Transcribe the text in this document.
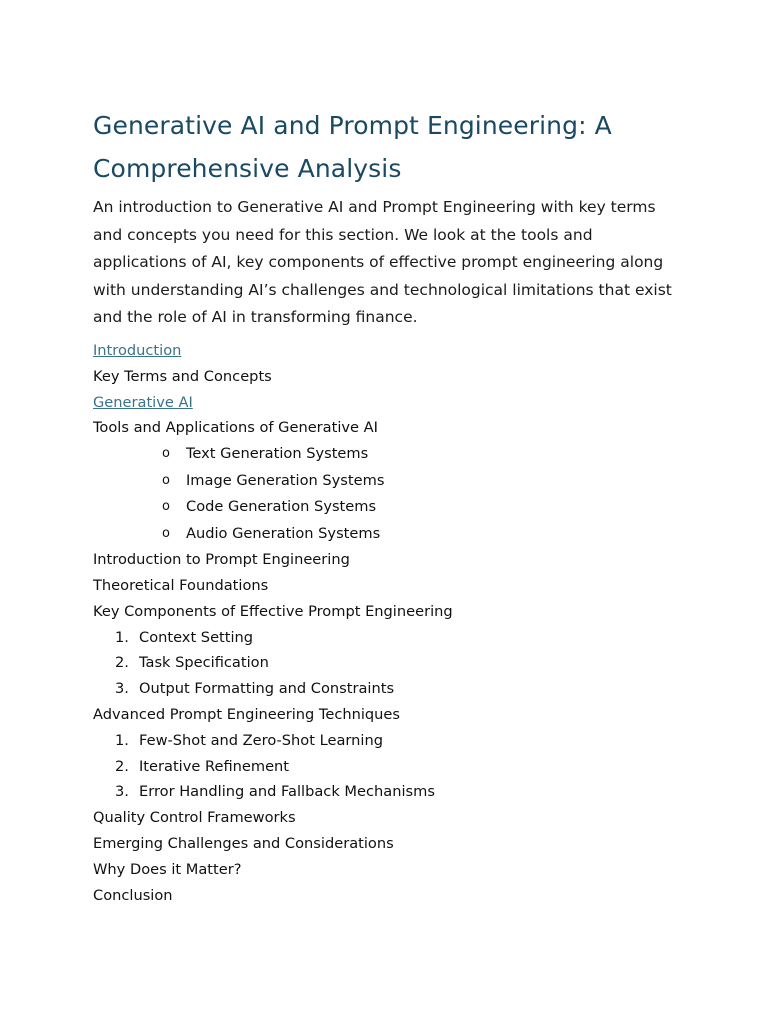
Generative AI and Prompt Engineering: A Comprehensive Analysis

An introduction to Generative AI and Prompt Engineering with key terms and concepts you need for this section. We look at the tools and applications of AI, key components of effective prompt engineering along with understanding AI’s challenges and technological limitations that exist and the role of AI in transforming finance.

Introduction
Key Terms and Concepts
Generative AI
Tools and Applications of Generative AI
o Text Generation Systems
o Image Generation Systems
o Code Generation Systems
o Audio Generation Systems
Introduction to Prompt Engineering
Theoretical Foundations
Key Components of Effective Prompt Engineering
1. Context Setting
2. Task Specification
3. Output Formatting and Constraints
Advanced Prompt Engineering Techniques
1. Few-Shot and Zero-Shot Learning
2. Iterative Refinement
3. Error Handling and Fallback Mechanisms
Quality Control Frameworks
Emerging Challenges and Considerations
Why Does it Matter?
Conclusion
